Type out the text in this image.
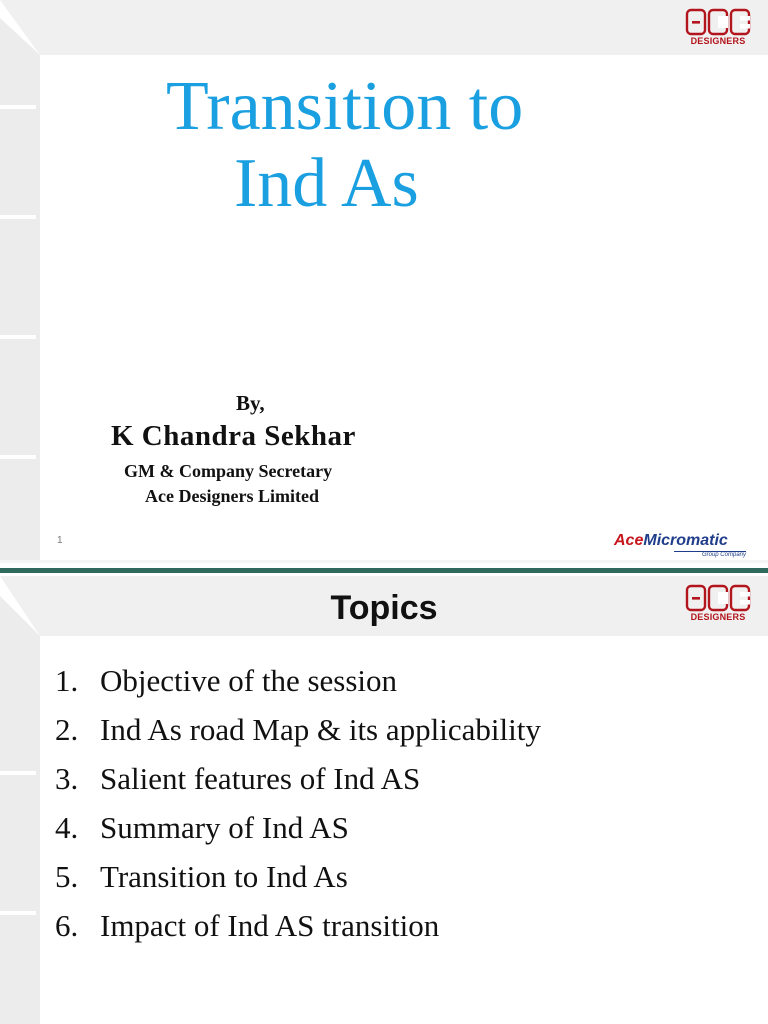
DESIGNERS
Transition to
Ind As
By,
K Chandra Sekhar
GM & Company Secretary
Ace Designers Limited
1	AceMicromatic
Group Company
DESIGNERS
Topics
1. Objective of the session
2. Ind As road Map & its applicability
3. Salient features of Ind AS
4. Summary of Ind AS
5. Transition to Ind As
6. Impact of Ind AS transition
